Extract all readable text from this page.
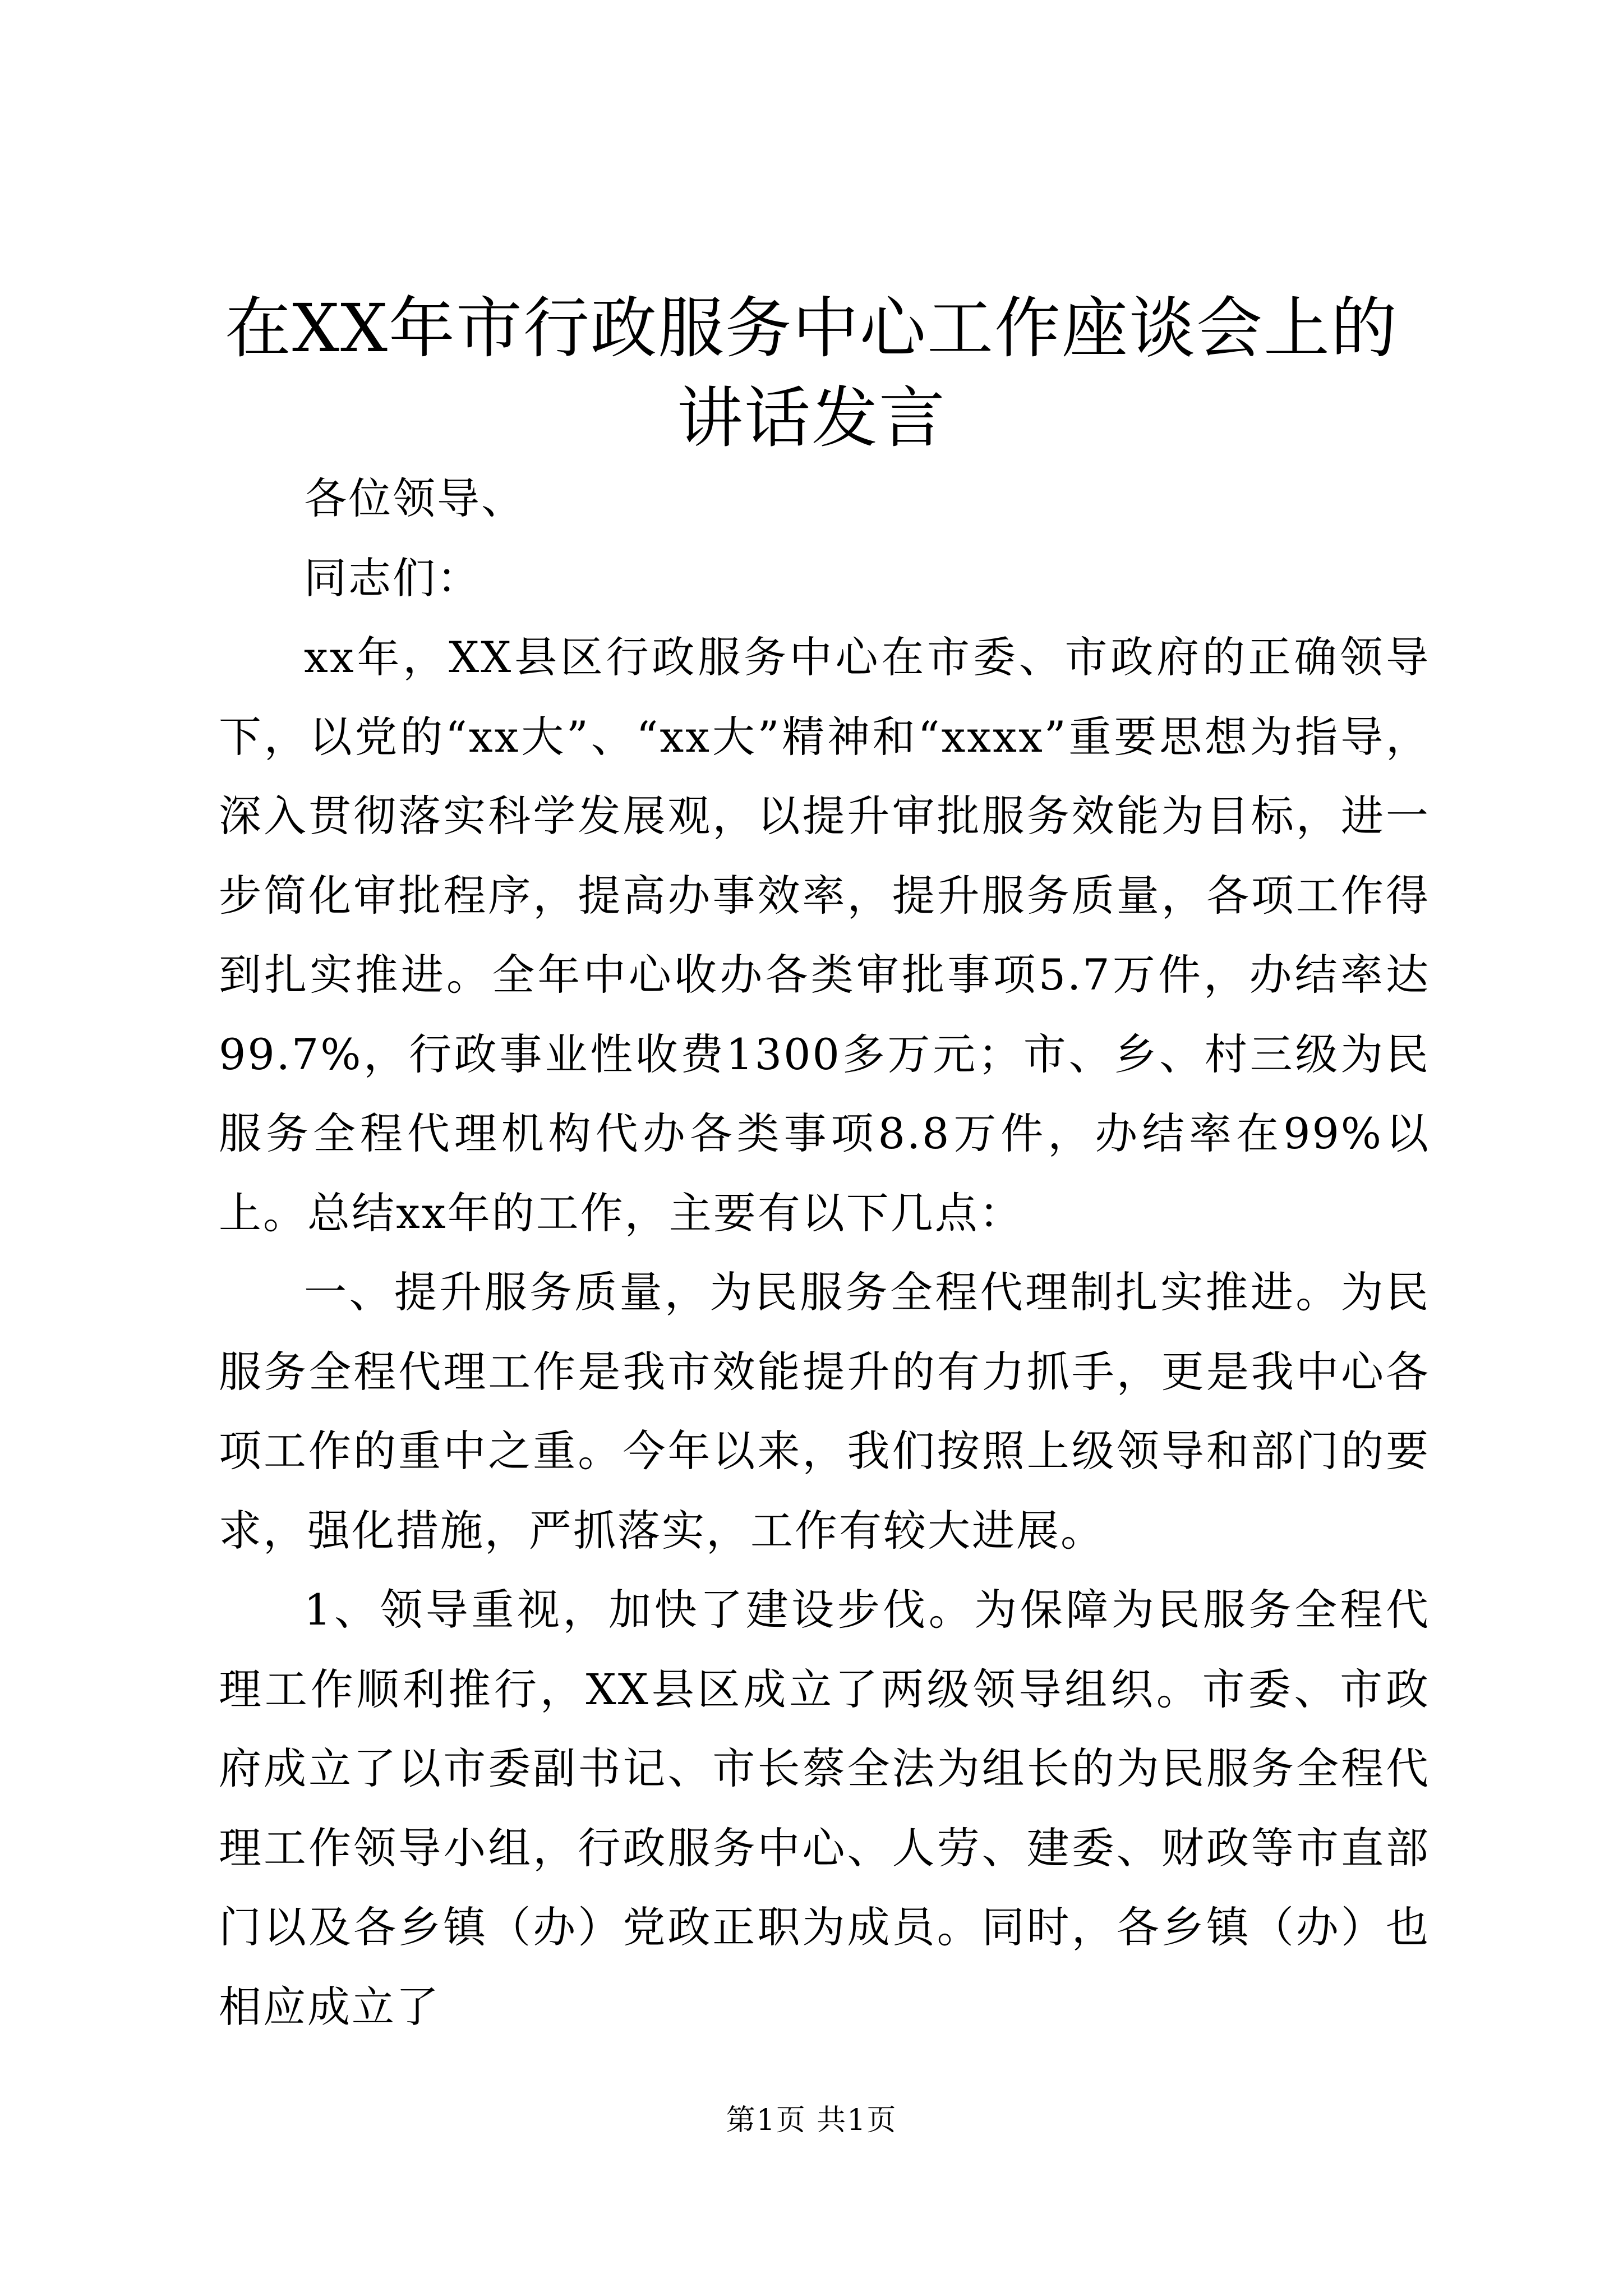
在XX年市行政服务中心工作座谈会上的讲话发言

各位领导、

同志们：

xx年，XX县区行政服务中心在市委、市政府的正确领导下，以党的“xx大”、“xx大”精神和“xxxx”重要思想为指导，深入贯彻落实科学发展观，以提升审批服务效能为目标，进一步简化审批程序，提高办事效率，提升服务质量，各项工作得到扎实推进。全年中心收办各类审批事项5.7万件，办结率达99.7%，行政事业性收费1300多万元；市、乡、村三级为民服务全程代理机构代办各类事项8.8万件，办结率在99%以上。总结xx年的工作，主要有以下几点：

一、提升服务质量，为民服务全程代理制扎实推进。为民服务全程代理工作是我市效能提升的有力抓手，更是我中心各项工作的重中之重。今年以来，我们按照上级领导和部门的要求，强化措施，严抓落实，工作有较大进展。

1、领导重视，加快了建设步伐。为保障为民服务全程代理工作顺利推行，XX县区成立了两级领导组织。市委、市政府成立了以市委副书记、市长蔡全法为组长的为民服务全程代理工作领导小组，行政服务中心、人劳、建委、财政等市直部门以及各乡镇（办）党政正职为成员。同时，各乡镇（办）也相应成立了

第1页 共1页
